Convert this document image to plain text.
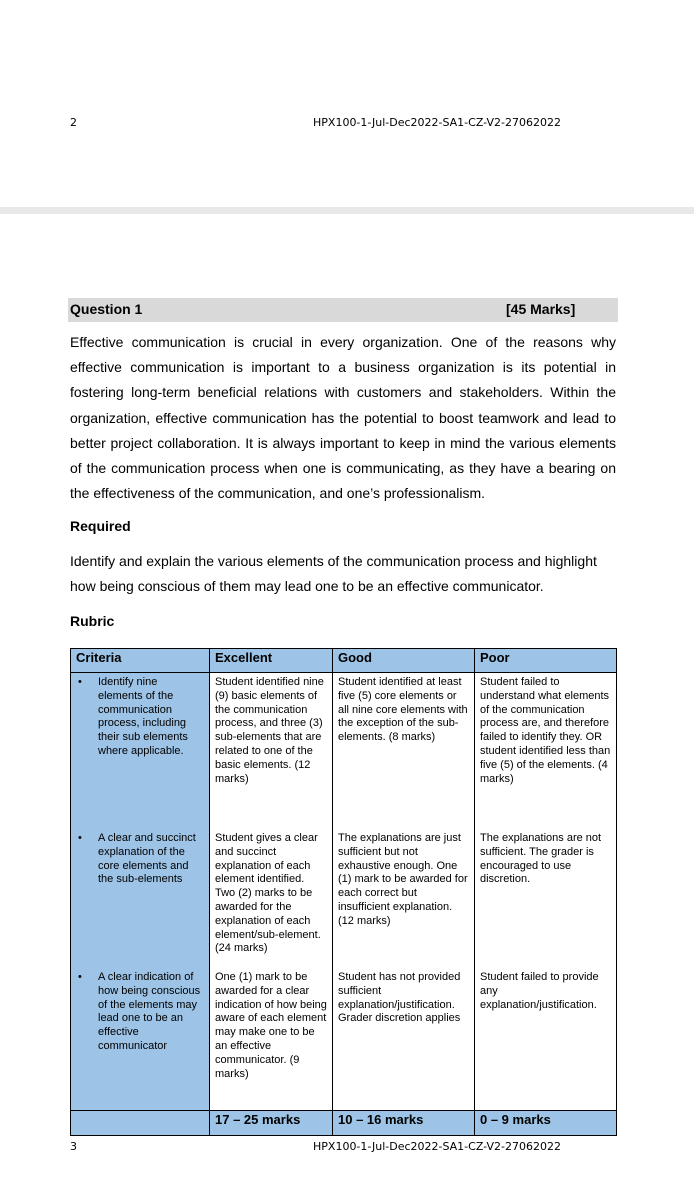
2	HPX100-1-Jul-Dec2022-SA1-CZ-V2-27062022
Question 1	[45 Marks]

Effective communication is crucial in every organization. One of the reasons why effective communication is important to a business organization is its potential in fostering long-term beneficial relations with customers and stakeholders. Within the organization, effective communication has the potential to boost teamwork and lead to better project collaboration. It is always important to keep in mind the various elements of the communication process when one is communicating, as they have a bearing on the effectiveness of the communication, and one’s professionalism.

Required

Identify and explain the various elements of the communication process and highlight how being conscious of them may lead one to be an effective communicator.

Rubric
Criteria	Excellent	Good	Poor

• Identify nine elements of the communication process, including their sub elements where applicable.	Student identified nine (9) basic elements of the communication process, and three (3) sub-elements that are related to one of the basic elements. (12 marks)	Student identified at least five (5) core elements or all nine core elements with the exception of the sub-elements. (8 marks)	Student failed to understand what elements of the communication process are, and therefore failed to identify they. OR student identified less than five (5) of the elements. (4 marks)

• A clear and succinct explanation of the core elements and the sub-elements	Student gives a clear and succinct explanation of each element identified. Two (2) marks to be awarded for the explanation of each element/sub-element. (24 marks)	The explanations are just sufficient but not exhaustive enough. One (1) mark to be awarded for each correct but insufficient explanation. (12 marks)	The explanations are not sufficient. The grader is encouraged to use discretion.

• A clear indication of how being conscious of the elements may lead one to be an effective communicator	One (1) mark to be awarded for a clear indication of how being aware of each element may make one to be an effective communicator. (9 marks)	Student has not provided sufficient explanation/justification. Grader discretion applies	Student failed to provide any explanation/justification.
	17 – 25 marks	10 – 16 marks	0 – 9 marks
3	HPX100-1-Jul-Dec2022-SA1-CZ-V2-27062022
